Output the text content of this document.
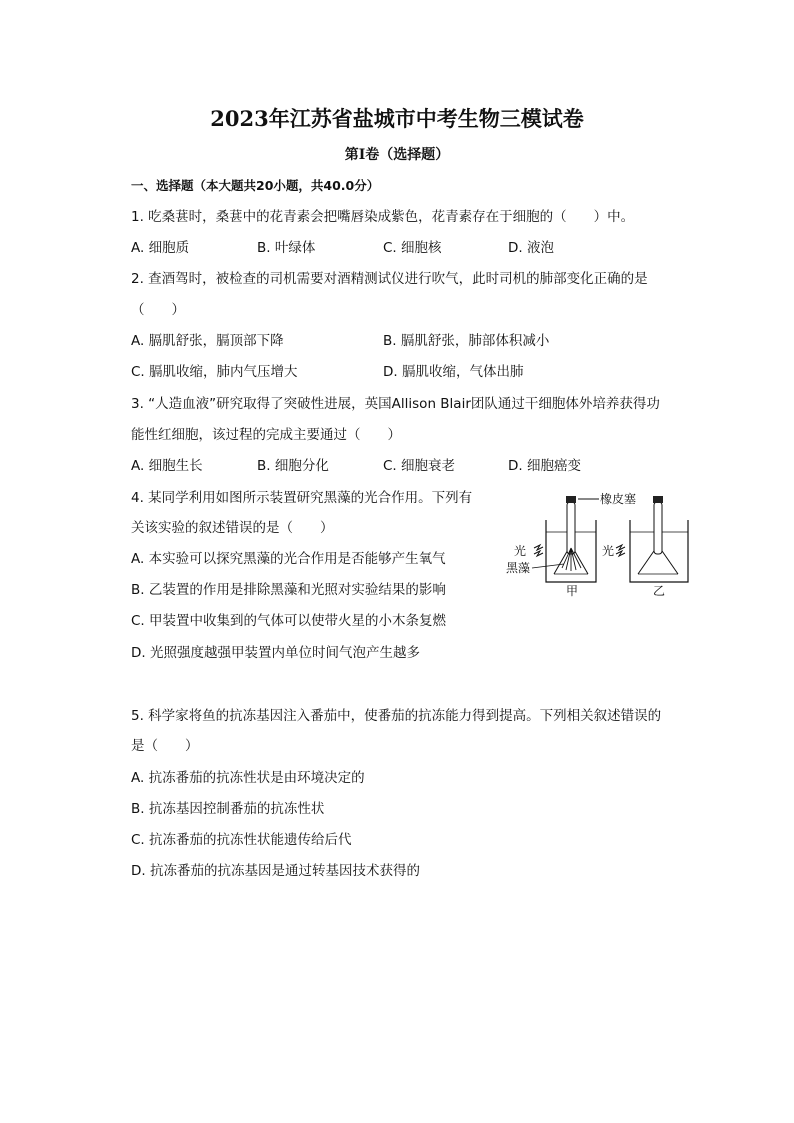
2023年江苏省盐城市中考生物三模试卷
第I卷（选择题）
一、选择题（本大题共20小题，共40.0分）
1. 吃桑葚时，桑葚中的花青素会把嘴唇染成紫色，花青素存在于细胞的（　　）中。
A. 细胞质	B. 叶绿体	C. 细胞核	D. 液泡
2. 查酒驾时，被检查的司机需要对酒精测试仪进行吹气，此时司机的肺部变化正确的是
（　　）
A. 膈肌舒张，膈顶部下降	B. 膈肌舒张，肺部体积减小
C. 膈肌收缩，肺内气压增大	D. 膈肌收缩，气体出肺
3. “人造血液”研究取得了突破性进展，英国Allison Blair团队通过干细胞体外培养获得功
能性红细胞，该过程的完成主要通过（　　）
A. 细胞生长	B. 细胞分化	C. 细胞衰老	D. 细胞癌变
4. 某同学利用如图所示装置研究黑藻的光合作用。下列有
关该实验的叙述错误的是（　　）
A. 本实验可以探究黑藻的光合作用是否能够产生氧气
B. 乙装置的作用是排除黑藻和光照对实验结果的影响
C. 甲装置中收集到的气体可以使带火星的小木条复燃
D. 光照强度越强甲装置内单位时间气泡产生越多
橡皮塞
光
黑藻
甲
光
乙
5. 科学家将鱼的抗冻基因注入番茄中，使番茄的抗冻能力得到提高。下列相关叙述错误的
是（　　）
A. 抗冻番茄的抗冻性状是由环境决定的
B. 抗冻基因控制番茄的抗冻性状
C. 抗冻番茄的抗冻性状能遗传给后代
D. 抗冻番茄的抗冻基因是通过转基因技术获得的
